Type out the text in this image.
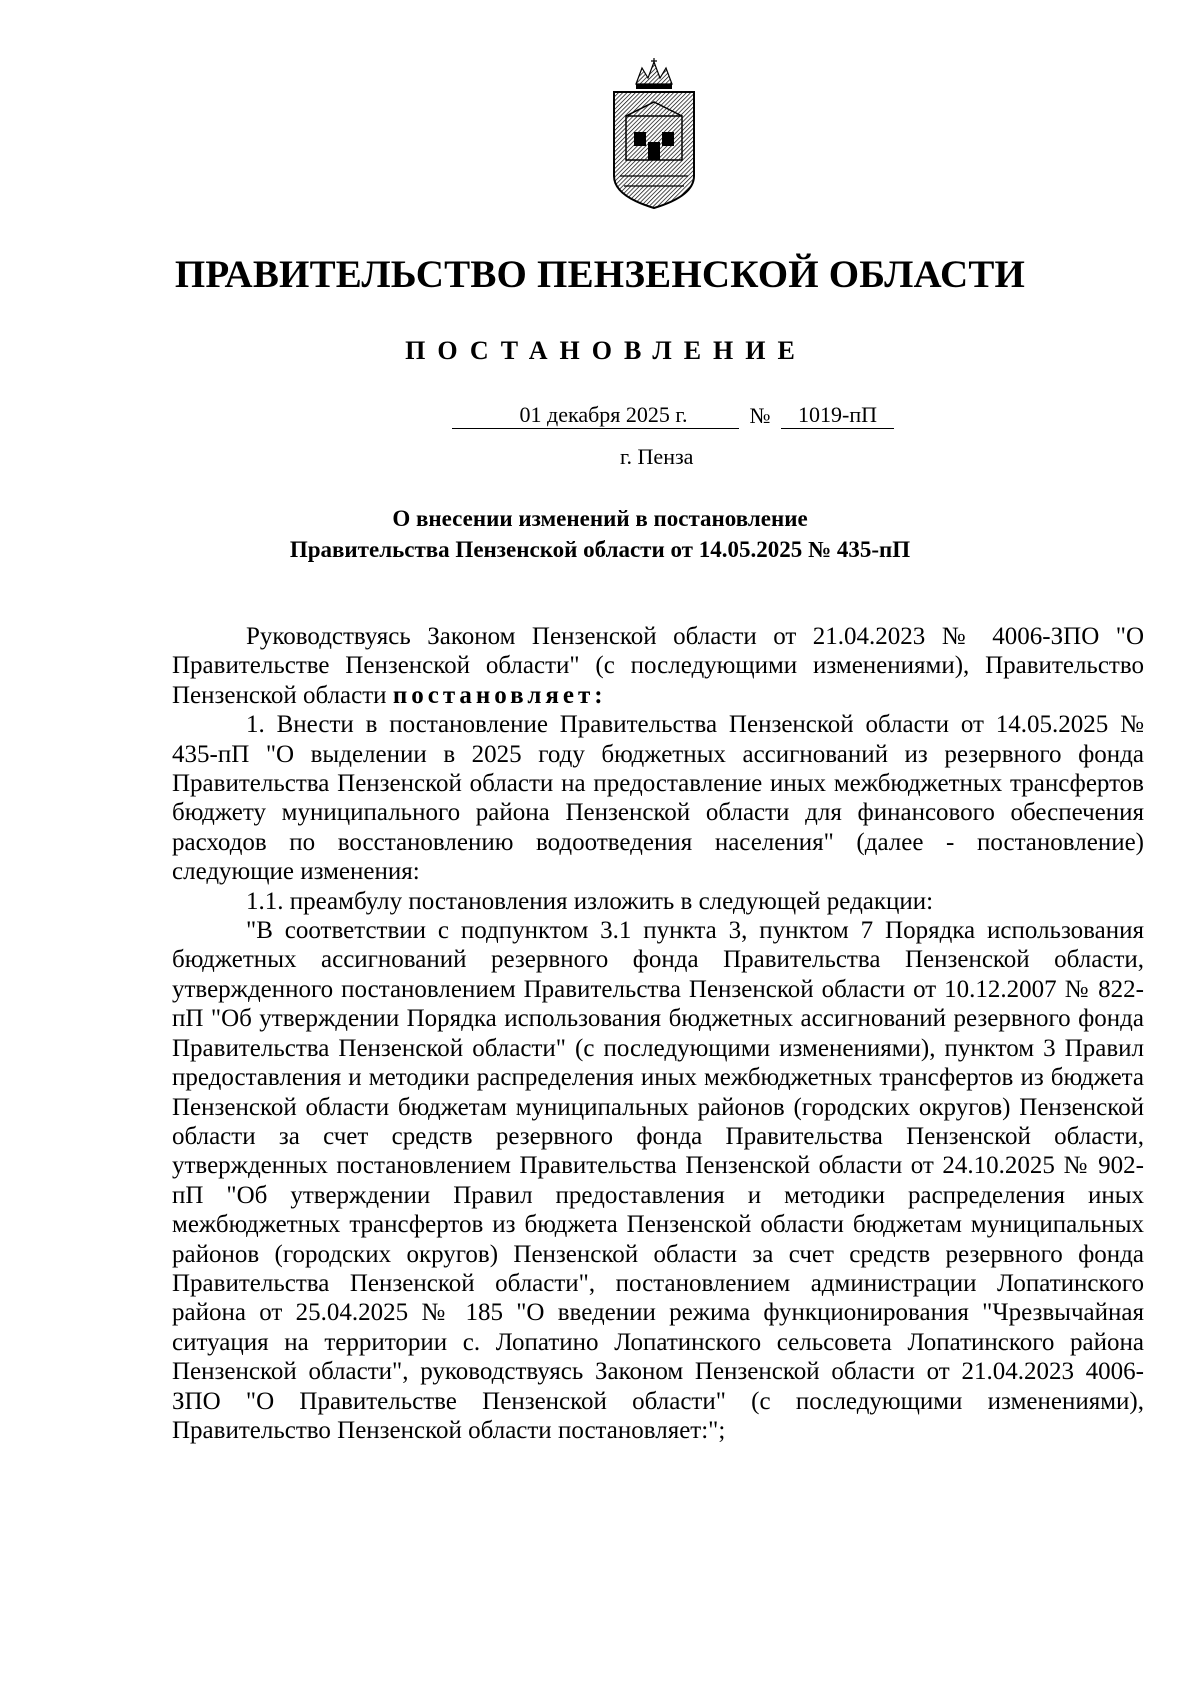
ПРАВИТЕЛЬСТВО ПЕНЗЕНСКОЙ ОБЛАСТИ
ПОСТАНОВЛЕНИЕ
01 декабря 2025 г.	№	1019-пП
г. Пенза
О внесении изменений в постановление
Правительства Пензенской области от 14.05.2025 № 435-пП

Руководствуясь Законом Пензенской области от 21.04.2023 № 4006-ЗПО "О Правительстве Пензенской области" (с последующими изменениями), Правительство Пензенской области постановляет:

1. Внести в постановление Правительства Пензенской области от 14.05.2025 № 435-пП "О выделении в 2025 году бюджетных ассигнований из резервного фонда Правительства Пензенской области на предоставление иных межбюджетных трансфертов бюджету муниципального района Пензенской области для финансового обеспечения расходов по восстановлению водоотведения населения" (далее - постановление) следующие изменения:

1.1. преамбулу постановления изложить в следующей редакции:

"В соответствии с подпунктом 3.1 пункта 3, пунктом 7 Порядка использования бюджетных ассигнований резервного фонда Правительства Пензенской области, утвержденного постановлением Правительства Пензенской области от 10.12.2007 № 822-пП "Об утверждении Порядка использования бюджетных ассигнований резервного фонда Правительства Пензенской области" (с последующими изменениями), пунктом 3 Правил предоставления и методики распределения иных межбюджетных трансфертов из бюджета Пензенской области бюджетам муниципальных районов (городских округов) Пензенской области за счет средств резервного фонда Правительства Пензенской области, утвержденных постановлением Правительства Пензенской области от 24.10.2025 № 902-пП "Об утверждении Правил предоставления и методики распределения иных межбюджетных трансфертов из бюджета Пензенской области бюджетам муниципальных районов (городских округов) Пензенской области за счет средств резервного фонда Правительства Пензенской области", постановлением администрации Лопатинского района от 25.04.2025 № 185 "О введении режима функционирования "Чрезвычайная ситуация на территории с. Лопатино Лопатинского сельсовета Лопатинского района Пензенской области", руководствуясь Законом Пензенской области от 21.04.2023 4006-ЗПО "О Правительстве Пензенской области" (с последующими изменениями), Правительство Пензенской области постановляет:";
